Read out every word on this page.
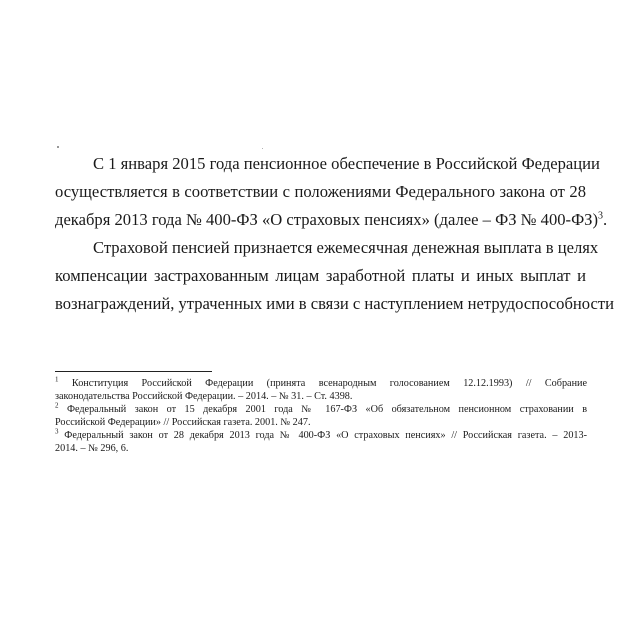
С 1 января 2015 года пенсионное обеспечение в Российской Федерации
осуществляется в соответствии с положениями Федерального закона от 28
декабря 2013 года № 400-ФЗ «О страховых пенсиях» (далее – ФЗ № 400-ФЗ)$^3$.

Страховой пенсией признается ежемесячная денежная выплата в целях
компенсации застрахованным лицам заработной платы и иных выплат и
вознаграждений, утраченных ими в связи с наступлением нетрудоспособности

$^1$ Конституция Российской Федерации (принята всенародным голосованием 12.12.1993) // Собрание
законодательства Российской Федерации. – 2014. – № 31. – Ст. 4398.

$^2$ Федеральный закон от 15 декабря 2001 года № 167-ФЗ «Об обязательном пенсионном страховании в
Российской Федерации» // Российская газета. 2001. № 247.

$^3$ Федеральный закон от 28 декабря 2013 года № 400-ФЗ «О страховых пенсиях» // Российская газета. – 2013-
2014. – № 296, 6.
